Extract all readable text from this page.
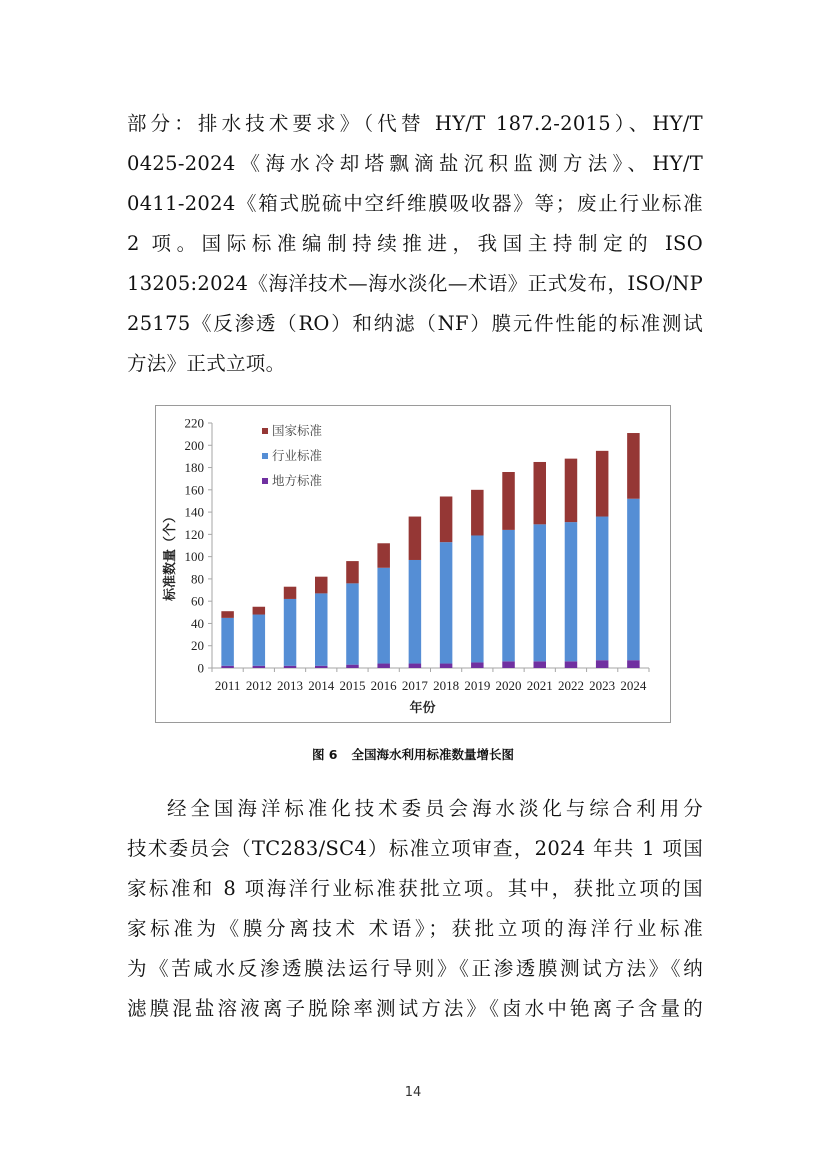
部分：排水技术要求》（代替 HY/T 187.2-2015）、HY/T
0425-2024《海水冷却塔飘滴盐沉积监测方法》、HY/T
0411-2024《箱式脱硫中空纤维膜吸收器》等；废止行业标准
2 项。国际标准编制持续推进，我国主持制定的 ISO
13205:2024《海洋技术—海水淡化—术语》正式发布，ISO/NP
25175《反渗透（RO）和纳滤（NF）膜元件性能的标准测试
方法》正式立项。
0
20
40
60
80
100
120
140
160
180
200
220
2011 2012 2013 2014 2015 2016 2017 2018 2019 2020 2021 2022 2023 2024
年份
标准数量（个）
国家标准
行业标准
地方标准
图 6 全国海水利用标准数量增长图
经全国海洋标准化技术委员会海水淡化与综合利用分
技术委员会（TC283/SC4）标准立项审查，2024 年共 1 项国
家标准和 8 项海洋行业标准获批立项。其中，获批立项的国
家标准为《膜分离技术 术语》；获批立项的海洋行业标准
为《苦咸水反渗透膜法运行导则》《正渗透膜测试方法》《纳
滤膜混盐溶液离子脱除率测试方法》《卤水中铯离子含量的
14
